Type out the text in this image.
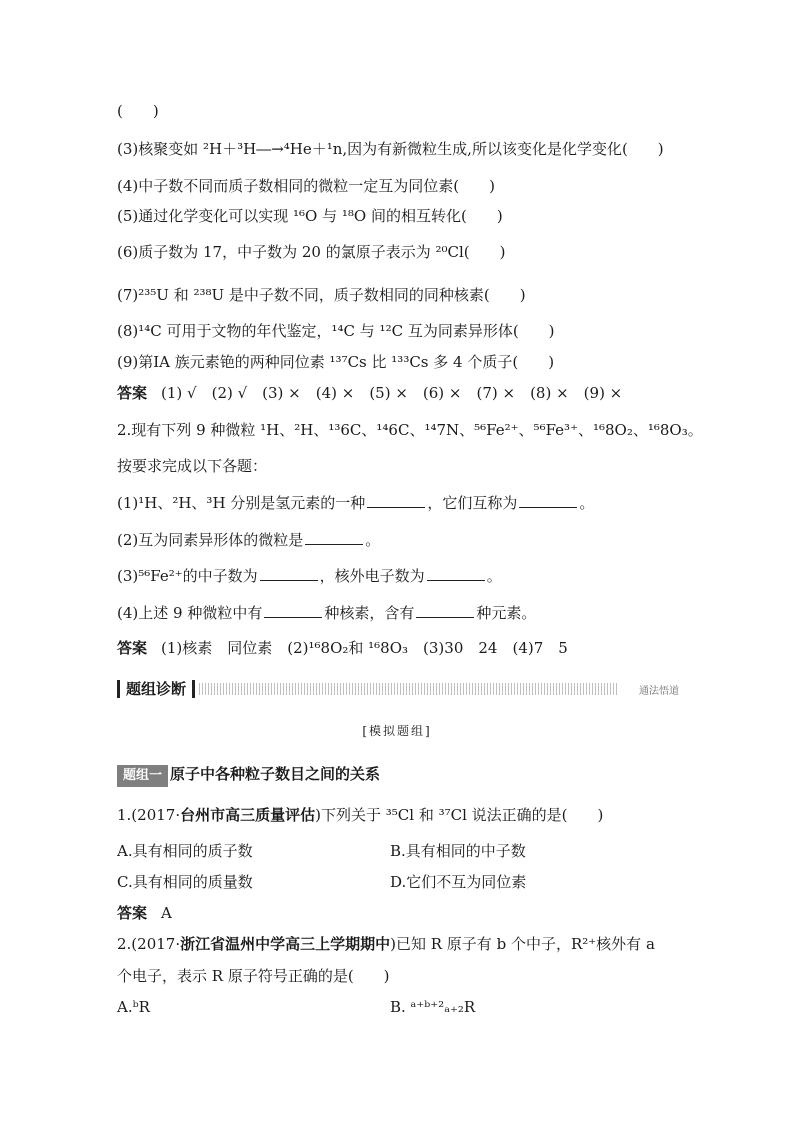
(　　)
(3)核聚变如 ²H＋³H―→⁴He＋¹n,因为有新微粒生成,所以该变化是化学变化(　　)
(4)中子数不同而质子数相同的微粒一定互为同位素(　　)
(5)通过化学变化可以实现 ¹⁶O 与 ¹⁸O 间的相互转化(　　)
(6)质子数为 17，中子数为 20 的氯原子表示为 ²⁰Cl(　　)
(7)²³⁵U 和 ²³⁸U 是中子数不同，质子数相同的同种核素(　　)
(8)¹⁴C 可用于文物的年代鉴定，¹⁴C 与 ¹²C 互为同素异形体(　　)
(9)第ⅠA 族元素铯的两种同位素 ¹³⁷Cs 比 ¹³³Cs 多 4 个质子(　　)
答案 (1) √　(2) √　(3) ×　(4) ×　(5) ×　(6) ×　(7) ×　(8) ×　(9) ×
2.现有下列 9 种微粒 ¹H、²H、¹³6C、¹⁴6C、¹⁴7N、⁵⁶Fe²⁺、⁵⁶Fe³⁺、¹⁶8O₂、¹⁶8O₃。
按要求完成以下各题：
(1)¹H、²H、³H 分别是氢元素的一种	，它们互称为	。
(2)互为同素异形体的微粒是	。
(3)⁵⁶Fe²⁺的中子数为	，核外电子数为	。
(4)上述 9 种微粒中有	种核素，含有	种元素。
答案 (1)核素　同位素　(2)¹⁶8O₂和 ¹⁶8O₃　(3)30　24　(4)7　5
题组诊断	通法悟道
[模拟题组]
题组一 原子中各种粒子数目之间的关系
1.(2017·台州市高三质量评估)下列关于 ³⁵Cl 和 ³⁷Cl 说法正确的是(　　)
A.具有相同的质子数	B.具有相同的中子数
C.具有相同的质量数	D.它们不互为同位素
答案 A
2.(2017·浙江省温州中学高三上学期期中)已知 R 原子有 b 个中子，R²⁺核外有 a
个电子，表示 R 原子符号正确的是(　　)
A.ᵇR	B. ᵃ⁺ᵇ⁺²ₐ₊₂R
